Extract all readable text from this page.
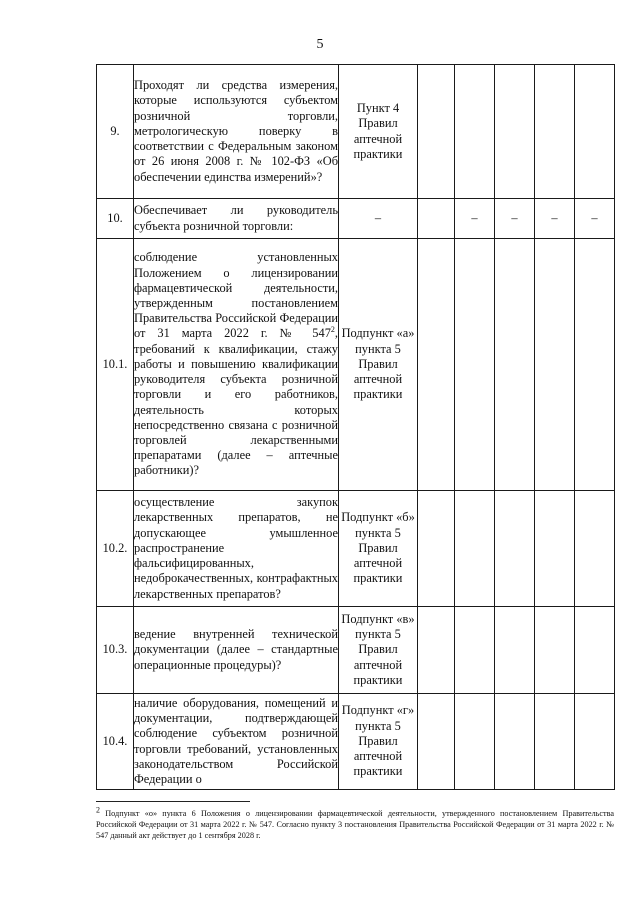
5
9.	Проходят ли средства измерения, которые используются субъектом розничной торговли, метрологическую поверку в соответствии с Федеральным законом от 26 июня 2008 г. № 102-ФЗ «Об обеспечении единства измерений»?	Пункт 4 Правил аптечной практики					
10.	Обеспечивает ли руководитель субъекта розничной торговли:	–		–	–	–	–
10.1.	соблюдение установленных Положением о лицензировании фармацевтической деятельности, утвержденным постановлением Правительства Российской Федерации от 31 марта 2022 г. № $547^2$, требований к квалификации, стажу работы и повышению квалификации руководителя субъекта розничной торговли и его работников, деятельность которых непосредственно связана с розничной торговлей лекарственными препаратами (далее – аптечные работники)?	Подпункт «а» пункта 5 Правил аптечной практики					
10.2.	осуществление закупок лекарственных препаратов, не допускающее умышленное распространение фальсифицированных, недоброкачественных, контрафактных лекарственных препаратов?	Подпункт «б» пункта 5 Правил аптечной практики					
10.3.	ведение внутренней технической документации (далее – стандартные операционные процедуры)?	Подпункт «в» пункта 5 Правил аптечной практики					
10.4.	наличие оборудования, помещений и документации, подтверждающей соблюдение субъектом розничной торговли требований, установленных законодательством Российской Федерации о	Подпункт «г» пункта 5 Правил аптечной практики					
$^2$ Подпункт «о» пункта 6 Положения о лицензировании фармацевтической деятельности, утвержденного постановлением Правительства Российской Федерации от 31 марта 2022 г. № 547. Согласно пункту 3 постановления Правительства Российской Федерации от 31 марта 2022 г. № 547 данный акт действует до 1 сентября 2028 г.
